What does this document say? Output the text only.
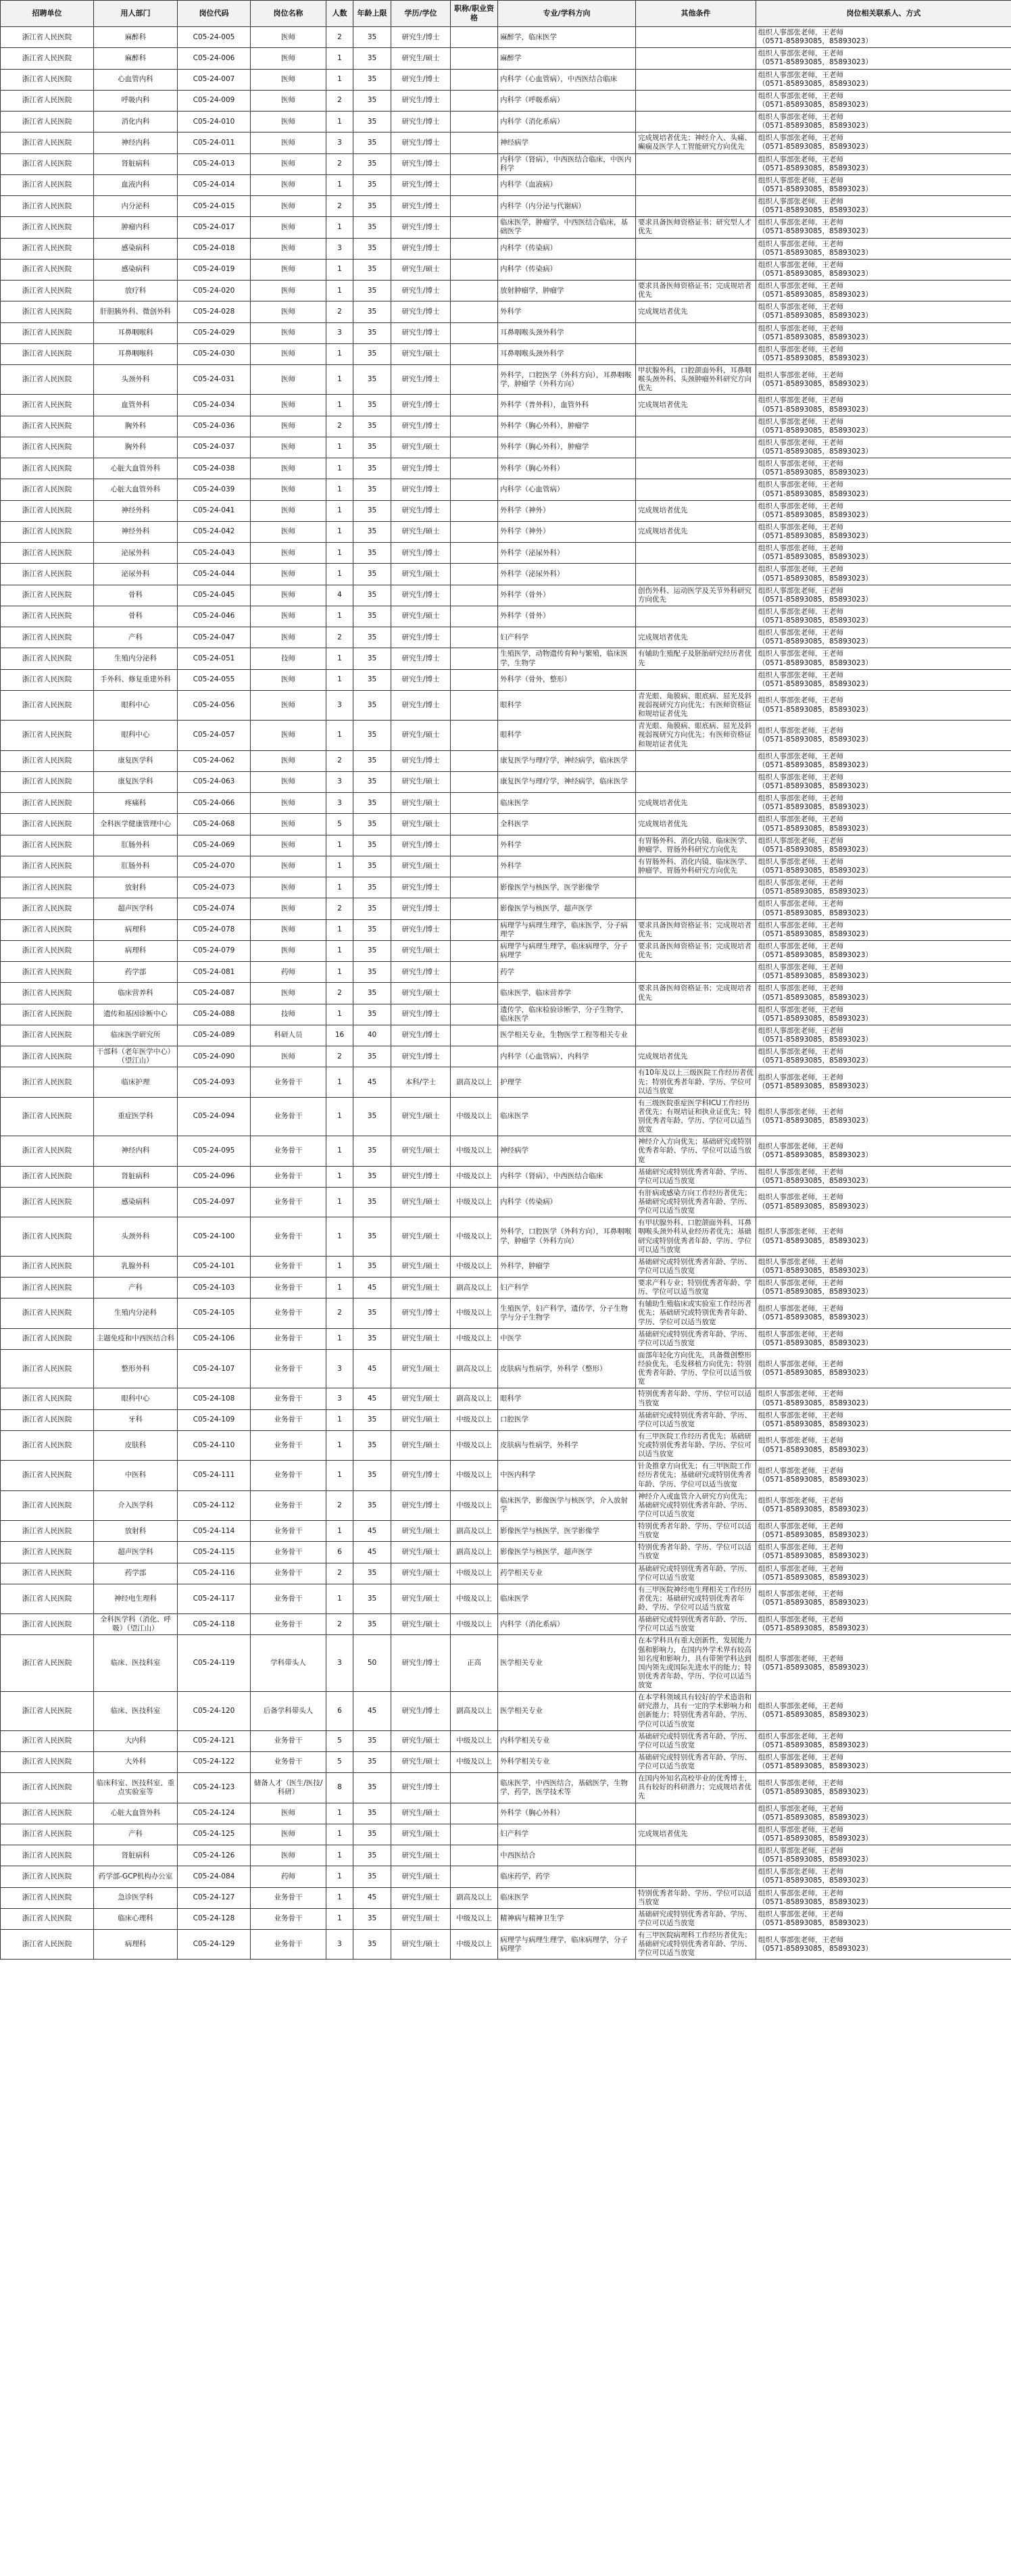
招聘单位	用人部门	岗位代码	岗位名称	人数	年龄上限	学历/学位	职称/职业资格	专业/学科方向	其他条件	岗位相关联系人、方式
浙江省人民医院	麻醉科	C05-24-005	医师	2	35	研究生/博士		麻醉学，临床医学		组织人事部张老师，王老师
（0571-85893085，85893023）

浙江省人民医院	麻醉科	C05-24-006	医师	1	35	研究生/硕士		麻醉学		组织人事部张老师，王老师
（0571-85893085，85893023）

浙江省人民医院	心血管内科	C05-24-007	医师	1	35	研究生/博士		内科学（心血管病），中西医结合临床		组织人事部张老师，王老师
（0571-85893085，85893023）

浙江省人民医院	呼吸内科	C05-24-009	医师	2	35	研究生/博士		内科学（呼吸系病）		组织人事部张老师，王老师
（0571-85893085，85893023）

浙江省人民医院	消化内科	C05-24-010	医师	1	35	研究生/博士		内科学（消化系病）		组织人事部张老师，王老师
（0571-85893085，85893023）

浙江省人民医院	神经内科	C05-24-011	医师	3	35	研究生/博士		神经病学	完成规培者优先；神经介入、头痛、癫痫及医学人工智能研究方向优先	组织人事部张老师，王老师
（0571-85893085，85893023）

浙江省人民医院	肾脏病科	C05-24-013	医师	2	35	研究生/博士		内科学（肾病），中西医结合临床，中医内科学		组织人事部张老师，王老师
（0571-85893085，85893023）

浙江省人民医院	血液内科	C05-24-014	医师	1	35	研究生/博士		内科学（血液病）		组织人事部张老师，王老师
（0571-85893085，85893023）

浙江省人民医院	内分泌科	C05-24-015	医师	2	35	研究生/博士		内科学（内分泌与代谢病）		组织人事部张老师，王老师
（0571-85893085，85893023）

浙江省人民医院	肿瘤内科	C05-24-017	医师	1	35	研究生/博士		临床医学，肿瘤学，中西医结合临床，基础医学	要求具备医师资格证书；研究型人才优先	组织人事部张老师，王老师
（0571-85893085，85893023）

浙江省人民医院	感染病科	C05-24-018	医师	3	35	研究生/博士		内科学（传染病）		组织人事部张老师，王老师
（0571-85893085，85893023）

浙江省人民医院	感染病科	C05-24-019	医师	1	35	研究生/硕士		内科学（传染病）		组织人事部张老师，王老师
（0571-85893085，85893023）

浙江省人民医院	放疗科	C05-24-020	医师	1	35	研究生/博士		放射肿瘤学，肿瘤学	要求具备医师资格证书；完成规培者优先	组织人事部张老师，王老师
（0571-85893085，85893023）

浙江省人民医院	肝胆胰外科、微创外科	C05-24-028	医师	2	35	研究生/博士		外科学	完成规培者优先	组织人事部张老师，王老师
（0571-85893085，85893023）

浙江省人民医院	耳鼻咽喉科	C05-24-029	医师	3	35	研究生/博士		耳鼻咽喉头颈外科学		组织人事部张老师，王老师
（0571-85893085，85893023）

浙江省人民医院	耳鼻咽喉科	C05-24-030	医师	1	35	研究生/硕士		耳鼻咽喉头颈外科学		组织人事部张老师，王老师
（0571-85893085，85893023）

浙江省人民医院	头颈外科	C05-24-031	医师	1	35	研究生/博士		外科学，口腔医学（外科方向），耳鼻咽喉学，肿瘤学（外科方向）	甲状腺外科，口腔颌面外科，耳鼻咽喉头颈外科、头颈肿瘤外科研究方向优先	组织人事部张老师，王老师
（0571-85893085，85893023）

浙江省人民医院	血管外科	C05-24-034	医师	1	35	研究生/博士		外科学（普外科），血管外科	完成规培者优先	组织人事部张老师，王老师
（0571-85893085，85893023）

浙江省人民医院	胸外科	C05-24-036	医师	2	35	研究生/博士		外科学（胸心外科），肿瘤学		组织人事部张老师，王老师
（0571-85893085，85893023）

浙江省人民医院	胸外科	C05-24-037	医师	1	35	研究生/硕士		外科学（胸心外科），肿瘤学		组织人事部张老师，王老师
（0571-85893085，85893023）

浙江省人民医院	心脏大血管外科	C05-24-038	医师	1	35	研究生/博士		外科学（胸心外科）		组织人事部张老师，王老师
（0571-85893085，85893023）

浙江省人民医院	心脏大血管外科	C05-24-039	医师	1	35	研究生/博士		内科学（心血管病）		组织人事部张老师，王老师
（0571-85893085，85893023）

浙江省人民医院	神经外科	C05-24-041	医师	1	35	研究生/博士		外科学（神外）	完成规培者优先	组织人事部张老师，王老师
（0571-85893085，85893023）

浙江省人民医院	神经外科	C05-24-042	医师	1	35	研究生/硕士		外科学（神外）	完成规培者优先	组织人事部张老师，王老师
（0571-85893085，85893023）

浙江省人民医院	泌尿外科	C05-24-043	医师	1	35	研究生/博士		外科学（泌尿外科）		组织人事部张老师，王老师
（0571-85893085，85893023）

浙江省人民医院	泌尿外科	C05-24-044	医师	1	35	研究生/硕士		外科学（泌尿外科）		组织人事部张老师，王老师
（0571-85893085，85893023）

浙江省人民医院	骨科	C05-24-045	医师	4	35	研究生/博士		外科学（骨外）	创伤外科、运动医学及关节外科研究方向优先	组织人事部张老师，王老师
（0571-85893085，85893023）

浙江省人民医院	骨科	C05-24-046	医师	1	35	研究生/硕士		外科学（骨外）		组织人事部张老师，王老师
（0571-85893085，85893023）

浙江省人民医院	产科	C05-24-047	医师	2	35	研究生/博士		妇产科学	完成规培者优先	组织人事部张老师，王老师
（0571-85893085，85893023）

浙江省人民医院	生殖内分泌科	C05-24-051	技师	1	35	研究生/博士		生殖医学，动物遗传育种与繁殖，临床医学，生物学	有辅助生殖配子及胚胎研究经历者优先	组织人事部张老师，王老师
（0571-85893085，85893023）

浙江省人民医院	手外科、修复重建外科	C05-24-055	医师	1	35	研究生/博士		外科学（骨外，整形）		组织人事部张老师，王老师
（0571-85893085，85893023）

浙江省人民医院	眼科中心	C05-24-056	医师	3	35	研究生/博士		眼科学	青光眼、角膜病、眼底病、屈光及斜视弱视研究方向优先；有医师资格证和规培证者优先	组织人事部张老师，王老师
（0571-85893085，85893023）

浙江省人民医院	眼科中心	C05-24-057	医师	1	35	研究生/硕士		眼科学	青光眼、角膜病、眼底病、屈光及斜视弱视研究方向优先；有医师资格证和规培证者优先	组织人事部张老师，王老师
（0571-85893085，85893023）

浙江省人民医院	康复医学科	C05-24-062	医师	2	35	研究生/博士		康复医学与理疗学，神经病学，临床医学		组织人事部张老师，王老师
（0571-85893085，85893023）

浙江省人民医院	康复医学科	C05-24-063	医师	3	35	研究生/硕士		康复医学与理疗学，神经病学，临床医学		组织人事部张老师，王老师
（0571-85893085，85893023）

浙江省人民医院	疼痛科	C05-24-066	医师	3	35	研究生/硕士		临床医学	完成规培者优先	组织人事部张老师，王老师
（0571-85893085，85893023）

浙江省人民医院	全科医学健康管理中心	C05-24-068	医师	5	35	研究生/硕士		全科医学	完成规培者优先	组织人事部张老师，王老师
（0571-85893085，85893023）

浙江省人民医院	肛肠外科	C05-24-069	医师	1	35	研究生/博士		外科学	有胃肠外科、消化内镜、临床医学、肿瘤学、胃肠外科研究方向优先	组织人事部张老师，王老师
（0571-85893085，85893023）

浙江省人民医院	肛肠外科	C05-24-070	医师	1	35	研究生/硕士		外科学	有胃肠外科、消化内镜、临床医学、肿瘤学、胃肠外科研究方向优先	组织人事部张老师，王老师
（0571-85893085，85893023）

浙江省人民医院	放射科	C05-24-073	医师	1	35	研究生/博士		影像医学与核医学，医学影像学		组织人事部张老师，王老师
（0571-85893085，85893023）

浙江省人民医院	超声医学科	C05-24-074	医师	2	35	研究生/博士		影像医学与核医学，超声医学		组织人事部张老师，王老师
（0571-85893085，85893023）

浙江省人民医院	病理科	C05-24-078	医师	1	35	研究生/博士		病理学与病理生理学，临床医学，分子病理学	要求具备医师资格证书；完成规培者优先	组织人事部张老师，王老师
（0571-85893085，85893023）

浙江省人民医院	病理科	C05-24-079	医师	1	35	研究生/硕士		病理学与病理生理学，临床病理学，分子病理学	要求具备医师资格证书；完成规培者优先	组织人事部张老师，王老师
（0571-85893085，85893023）

浙江省人民医院	药学部	C05-24-081	药师	1	35	研究生/博士		药学		组织人事部张老师，王老师
（0571-85893085，85893023）

浙江省人民医院	临床营养科	C05-24-087	医师	2	35	研究生/硕士		临床医学，临床营养学	要求具备医师资格证书；完成规培者优先	组织人事部张老师，王老师
（0571-85893085，85893023）

浙江省人民医院	遗传和基因诊断中心	C05-24-088	技师	1	35	研究生/博士		遗传学，临床检验诊断学，分子生物学，临床医学		组织人事部张老师，王老师
（0571-85893085，85893023）

浙江省人民医院	临床医学研究所	C05-24-089	科研人员	16	40	研究生/博士		医学相关专业，生物医学工程等相关专业		组织人事部张老师，王老师
（0571-85893085，85893023）

浙江省人民医院	干部科（老年医学中心）（望江山）	C05-24-090	医师	2	35	研究生/博士		内科学（心血管病），内科学	完成规培者优先	组织人事部张老师，王老师
（0571-85893085，85893023）

浙江省人民医院	临床护理	C05-24-093	业务骨干	1	45	本科/学士	副高及以上	护理学	有10年及以上三级医院工作经历者优先；特别优秀者年龄、学历、学位可以适当放宽	组织人事部张老师，王老师
（0571-85893085，85893023）

浙江省人民医院	重症医学科	C05-24-094	业务骨干	1	35	研究生/硕士	中级及以上	临床医学	有三级医院重症医学科ICU工作经历者优先；有规培证和执业证优先；特别优秀者年龄、学历、学位可以适当放宽	组织人事部张老师，王老师
（0571-85893085，85893023）

浙江省人民医院	神经内科	C05-24-095	业务骨干	1	35	研究生/硕士	中级及以上	神经病学	神经介入方向优先；基础研究或特别优秀者年龄、学历、学位可以适当放宽	组织人事部张老师，王老师
（0571-85893085，85893023）

浙江省人民医院	肾脏病科	C05-24-096	业务骨干	1	35	研究生/博士	中级及以上	内科学（肾病），中西医结合临床	基础研究或特别优秀者年龄、学历、学位可以适当放宽	组织人事部张老师，王老师
（0571-85893085，85893023）

浙江省人民医院	感染病科	C05-24-097	业务骨干	1	35	研究生/硕士	中级及以上	内科学（传染病）	有肝病或感染方向工作经历者优先；基础研究或特别优秀者年龄、学历、学位可以适当放宽	组织人事部张老师，王老师
（0571-85893085，85893023）

浙江省人民医院	头颈外科	C05-24-100	业务骨干	1	35	研究生/硕士	中级及以上	外科学，口腔医学（外科方向），耳鼻咽喉学，肿瘤学（外科方向）	有甲状腺外科、口腔颌面外科、耳鼻咽喉头颈外科从业经历者优先；基础研究或特别优秀者年龄、学历、学位可以适当放宽	组织人事部张老师，王老师
（0571-85893085，85893023）

浙江省人民医院	乳腺外科	C05-24-101	业务骨干	1	35	研究生/硕士	中级及以上	外科学，肿瘤学	基础研究或特别优秀者年龄、学历、学位可以适当放宽	组织人事部张老师，王老师
（0571-85893085，85893023）

浙江省人民医院	产科	C05-24-103	业务骨干	1	45	研究生/硕士	副高及以上	妇产科学	要求产科专业；特别优秀者年龄、学历、学位可以适当放宽	组织人事部张老师，王老师
（0571-85893085，85893023）

浙江省人民医院	生殖内分泌科	C05-24-105	业务骨干	2	35	研究生/博士	中级及以上	生殖医学，妇产科学，遗传学，分子生物学与分子生物学	有辅助生殖临床或实验室工作经历者优先；基础研究或特别优秀者年龄、学历、学位可以适当放宽	组织人事部张老师，王老师
（0571-85893085，85893023）

浙江省人民医院	主题免疫和中西医结合科	C05-24-106	业务骨干	1	35	研究生/硕士	中级及以上	中医学	基础研究或特别优秀者年龄、学历、学位可以适当放宽	组织人事部张老师，王老师
（0571-85893085，85893023）

浙江省人民医院	整形外科	C05-24-107	业务骨干	3	45	研究生/硕士	副高及以上	皮肤病与性病学，外科学（整形）	面部年轻化方向优先，具备微创整形经验优先，毛发移植方向优先；特别优秀者年龄、学历、学位可以适当放宽	组织人事部张老师，王老师
（0571-85893085，85893023）

浙江省人民医院	眼科中心	C05-24-108	业务骨干	3	45	研究生/硕士	副高及以上	眼科学	特别优秀者年龄、学历、学位可以适当放宽	组织人事部张老师，王老师
（0571-85893085，85893023）

浙江省人民医院	牙科	C05-24-109	业务骨干	1	35	研究生/硕士	中级及以上	口腔医学	基础研究或特别优秀者年龄、学历、学位可以适当放宽	组织人事部张老师，王老师
（0571-85893085，85893023）

浙江省人民医院	皮肤科	C05-24-110	业务骨干	1	35	研究生/硕士	中级及以上	皮肤病与性病学，外科学	有三甲医院工作经历者优先；基础研究或特别优秀者年龄、学历、学位可以适当放宽	组织人事部张老师，王老师
（0571-85893085，85893023）

浙江省人民医院	中医科	C05-24-111	业务骨干	1	35	研究生/博士	中级及以上	中医内科学	针灸推拿方向优先；有三甲医院工作经历者优先；基础研究或特别优秀者年龄、学历、学位可以适当放宽	组织人事部张老师，王老师
（0571-85893085，85893023）

浙江省人民医院	介入医学科	C05-24-112	业务骨干	2	35	研究生/博士	中级及以上	临床医学，影像医学与核医学，介入放射学	神经介入或血管介入研究方向优先；基础研究或特别优秀者年龄、学历、学位可以适当放宽	组织人事部张老师，王老师
（0571-85893085，85893023）

浙江省人民医院	放射科	C05-24-114	业务骨干	1	45	研究生/硕士	副高及以上	影像医学与核医学，医学影像学	特别优秀者年龄、学历、学位可以适当放宽	组织人事部张老师，王老师
（0571-85893085，85893023）

浙江省人民医院	超声医学科	C05-24-115	业务骨干	6	45	研究生/硕士	副高及以上	影像医学与核医学，超声医学	特别优秀者年龄、学历、学位可以适当放宽	组织人事部张老师，王老师
（0571-85893085，85893023）

浙江省人民医院	药学部	C05-24-116	业务骨干	2	35	研究生/硕士	中级及以上	药学相关专业	基础研究或特别优秀者年龄、学历、学位可以适当放宽	组织人事部张老师，王老师
（0571-85893085，85893023）

浙江省人民医院	神经电生理科	C05-24-117	业务骨干	1	35	研究生/硕士	中级及以上	临床医学	有三甲医院神经电生理相关工作经历者优先；基础研究或特别优秀者年龄、学历、学位可以适当放宽	组织人事部张老师，王老师
（0571-85893085，85893023）

浙江省人民医院	全科医学科（消化、呼吸）（望江山）	C05-24-118	业务骨干	2	35	研究生/硕士	中级及以上	内科学（消化系病）	基础研究或特别优秀者年龄、学历、学位可以适当放宽	组织人事部张老师，王老师
（0571-85893085，85893023）

浙江省人民医院	临床、医技科室	C05-24-119	学科带头人	3	50	研究生/博士	正高	医学相关专业	在本学科具有重大创新性，发展能力强和影响力，在国内外学术界有较高知名度和影响力，具有带领学科达到国内领先或国际先进水平的能力；特别优秀者年龄、学历、学位可以适当放宽	组织人事部张老师，王老师
（0571-85893085，85893023）

浙江省人民医院	临床、医技科室	C05-24-120	后备学科带头人	6	45	研究生/博士	副高及以上	医学相关专业	在本学科领域具有较好的学术造诣和研究潜力，具有一定的学术影响力和创新能力；特别优秀者年龄、学历、学位可以适当放宽	组织人事部张老师，王老师
（0571-85893085，85893023）

浙江省人民医院	大内科	C05-24-121	业务骨干	5	35	研究生/硕士	中级及以上	内科学相关专业	基础研究或特别优秀者年龄、学历、学位可以适当放宽	组织人事部张老师，王老师
（0571-85893085，85893023）

浙江省人民医院	大外科	C05-24-122	业务骨干	5	35	研究生/硕士	中级及以上	外科学相关专业	基础研究或特别优秀者年龄、学历、学位可以适当放宽	组织人事部张老师，王老师
（0571-85893085，85893023）

浙江省人民医院	临床科室、医技科室、重点实验室等	C05-24-123	储备人才（医生/医技/科研）	8	35	研究生/博士		临床医学，中西医结合，基础医学，生物学，药学，医学技术等	在国内外知名高校毕业的优秀博士，具有较好的科研潜力；完成规培者优先	组织人事部张老师，王老师
（0571-85893085，85893023）

浙江省人民医院	心脏大血管外科	C05-24-124	医师	1	35	研究生/硕士		外科学（胸心外科）		组织人事部张老师，王老师
（0571-85893085，85893023）

浙江省人民医院	产科	C05-24-125	医师	1	35	研究生/硕士		妇产科学	完成规培者优先	组织人事部张老师，王老师
（0571-85893085，85893023）

浙江省人民医院	肾脏病科	C05-24-126	医师	1	35	研究生/硕士		中西医结合		组织人事部张老师，王老师
（0571-85893085，85893023）

浙江省人民医院	药学部-GCP机构办公室	C05-24-084	药师	1	35	研究生/硕士		临床药学，药学		组织人事部张老师，王老师
（0571-85893085，85893023）

浙江省人民医院	急诊医学科	C05-24-127	业务骨干	1	45	研究生/硕士	副高及以上	临床医学	特别优秀者年龄、学历、学位可以适当放宽	组织人事部张老师，王老师
（0571-85893085，85893023）

浙江省人民医院	临床心理科	C05-24-128	业务骨干	1	35	研究生/硕士	中级及以上	精神病与精神卫生学	基础研究或特别优秀者年龄、学历、学位可以适当放宽	组织人事部张老师，王老师
（0571-85893085，85893023）

浙江省人民医院	病理科	C05-24-129	业务骨干	3	35	研究生/硕士	中级及以上	病理学与病理生理学，临床病理学，分子病理学	有三甲医院病理科工作经历者优先；基础研究或特别优秀者年龄、学历、学位可以适当放宽	组织人事部张老师，王老师
（0571-85893085，85893023）
